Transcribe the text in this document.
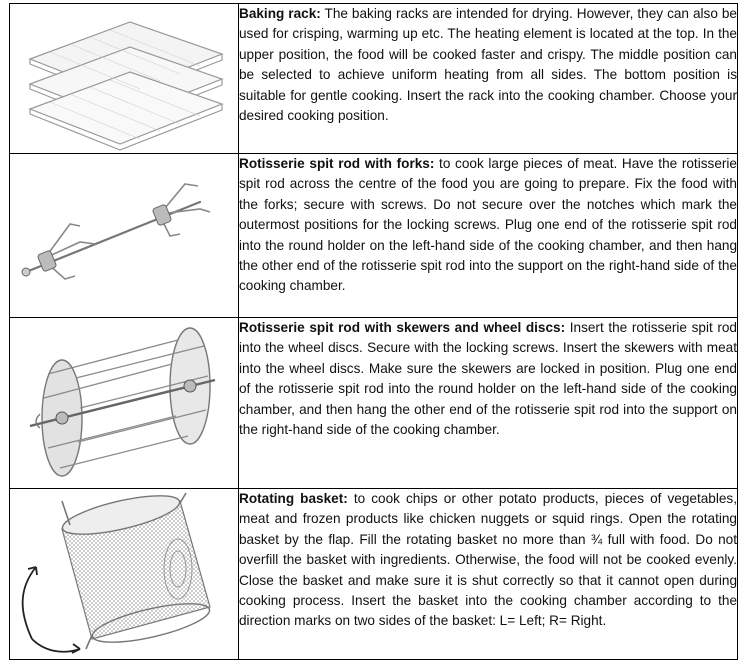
Baking rack: The baking racks are intended for drying. However, they can also be used for crisping, warming up etc. The heating element is located at the top. In the upper position, the food will be cooked faster and crispy. The middle position can be selected to achieve uniform heating from all sides. The bottom position is suitable for gentle cooking. Insert the rack into the cooking chamber. Choose your desired cooking position.

Rotisserie spit rod with forks: to cook large pieces of meat. Have the rotisserie spit rod across the centre of the food you are going to prepare. Fix the food with the forks; secure with screws. Do not secure over the notches which mark the outermost positions for the locking screws. Plug one end of the rotisserie spit rod into the round holder on the left-hand side of the cooking chamber, and then hang the other end of the rotisserie spit rod into the support on the right-hand side of the cooking chamber.

Rotisserie spit rod with skewers and wheel discs: Insert the rotisserie spit rod into the wheel discs. Secure with the locking screws. Insert the skewers with meat into the wheel discs. Make sure the skewers are locked in position. Plug one end of the rotisserie spit rod into the round holder on the left-hand side of the cooking chamber, and then hang the other end of the rotisserie spit rod into the support on the right-hand side of the cooking chamber.

Rotating basket: to cook chips or other potato products, pieces of vegetables, meat and frozen products like chicken nuggets or squid rings. Open the rotating basket by the flap. Fill the rotating basket no more than ¾ full with food. Do not overfill the basket with ingredients. Otherwise, the food will not be cooked evenly. Close the basket and make sure it is shut correctly so that it cannot open during cooking process. Insert the basket into the cooking chamber according to the direction marks on two sides of the basket: L= Left; R= Right.
